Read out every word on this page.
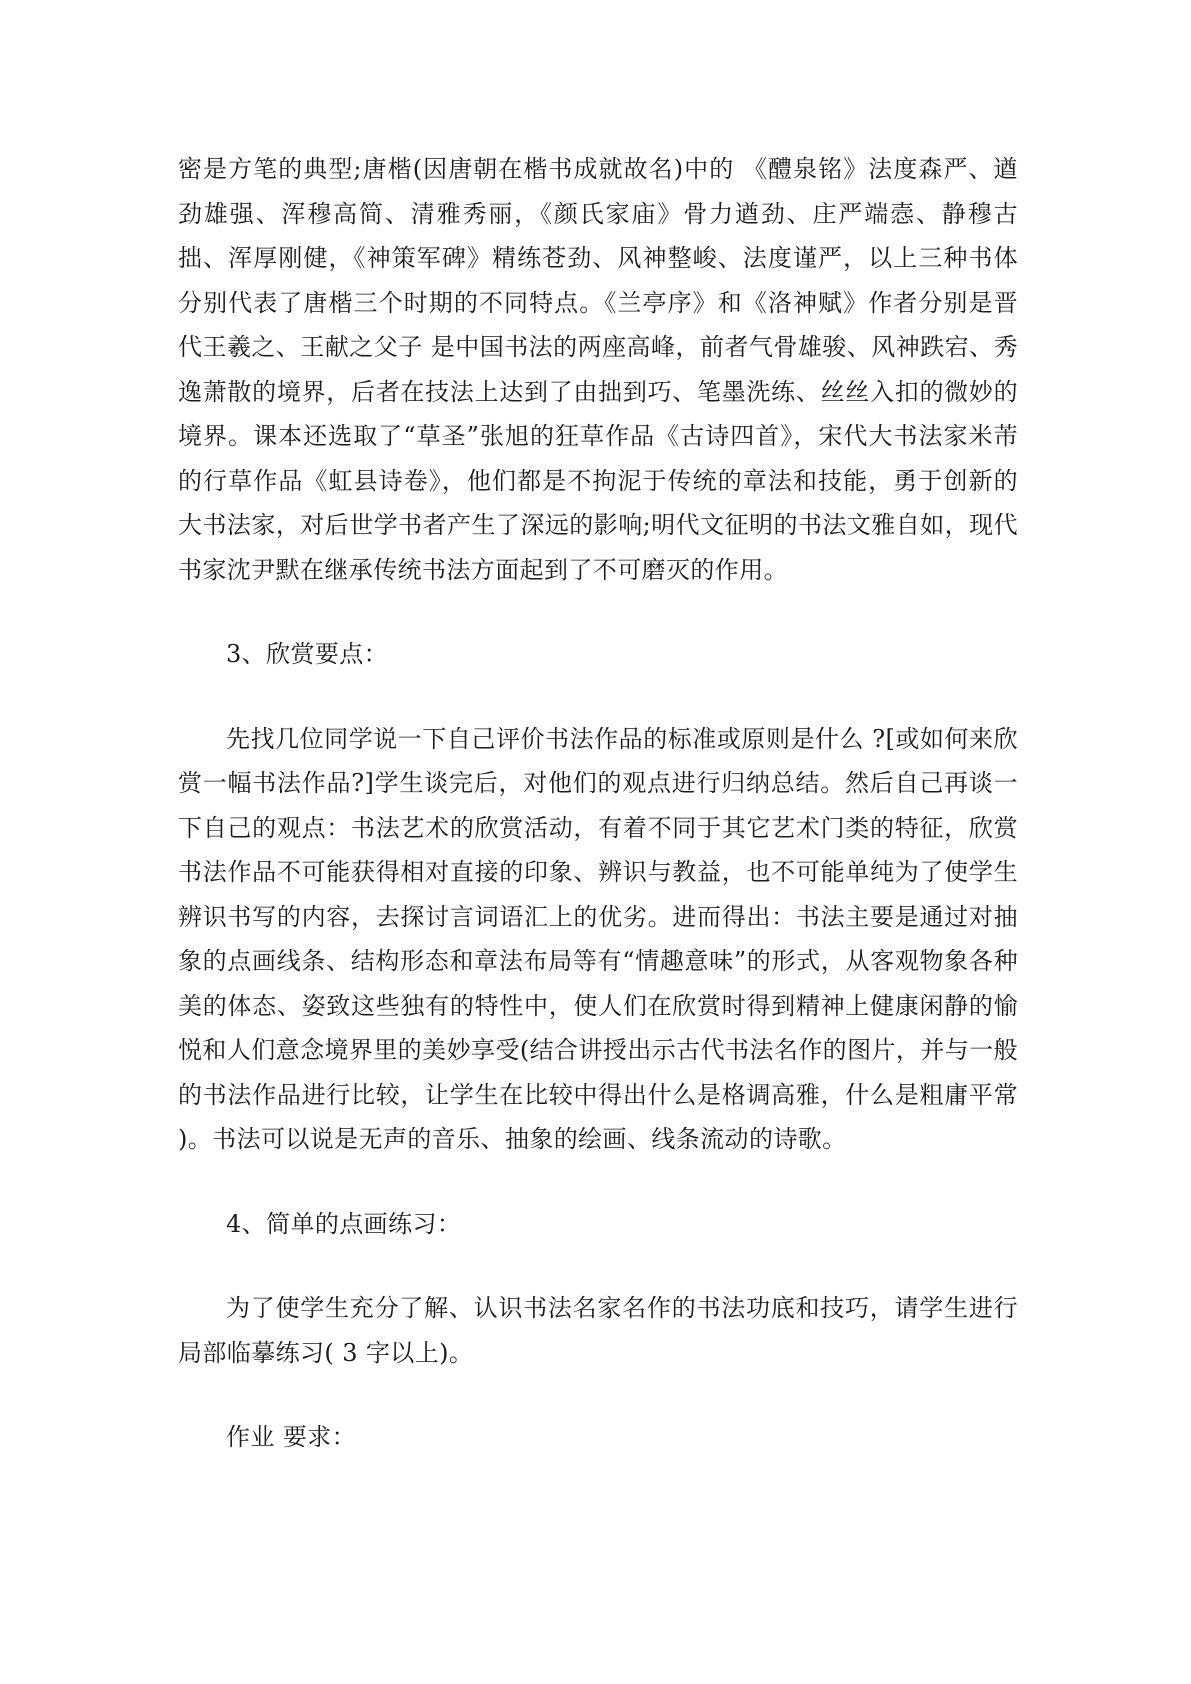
密是方笔的典型;唐楷(因唐朝在楷书成就故名)中的 《醴泉铭》法度森严、遒劲雄强、浑穆高简、清雅秀丽，《颜氏家庙》骨力遒劲、庄严端悫、静穆古拙、浑厚刚健，《神策军碑》精练苍劲、风神整峻、法度谨严，以上三种书体分别代表了唐楷三个时期的不同特点。《兰亭序》和《洛神赋》作者分别是晋代王羲之、王献之父子 是中国书法的两座高峰，前者气骨雄骏、风神跌宕、秀逸萧散的境界，后者在技法上达到了由拙到巧、笔墨洗练、丝丝入扣的微妙的境界。课本还选取了“草圣”张旭的狂草作品《古诗四首》，宋代大书法家米芾的行草作品《虹县诗卷》，他们都是不拘泥于传统的章法和技能，勇于创新的大书法家，对后世学书者产生了深远的影响;明代文征明的书法文雅自如，现代书家沈尹默在继承传统书法方面起到了不可磨灭的作用。

3、欣赏要点：

先找几位同学说一下自己评价书法作品的标准或原则是什么 ?[或如何来欣赏一幅书法作品?]学生谈完后，对他们的观点进行归纳总结。然后自己再谈一下自己的观点：书法艺术的欣赏活动，有着不同于其它艺术门类的特征，欣赏书法作品不可能获得相对直接的印象、辨识与教益，也不可能单纯为了使学生辨识书写的内容，去探讨言词语汇上的优劣。进而得出：书法主要是通过对抽象的点画线条、结构形态和章法布局等有“情趣意味”的形式，从客观物象各种美的体态、姿致这些独有的特性中，使人们在欣赏时得到精神上健康闲静的愉悦和人们意念境界里的美妙享受(结合讲授出示古代书法名作的图片，并与一般的书法作品进行比较，让学生在比较中得出什么是格调高雅，什么是粗庸平常 )。书法可以说是无声的音乐、抽象的绘画、线条流动的诗歌。

4、简单的点画练习：

为了使学生充分了解、认识书法名家名作的书法功底和技巧，请学生进行局部临摹练习( 3 字以上)。

作业 要求：
